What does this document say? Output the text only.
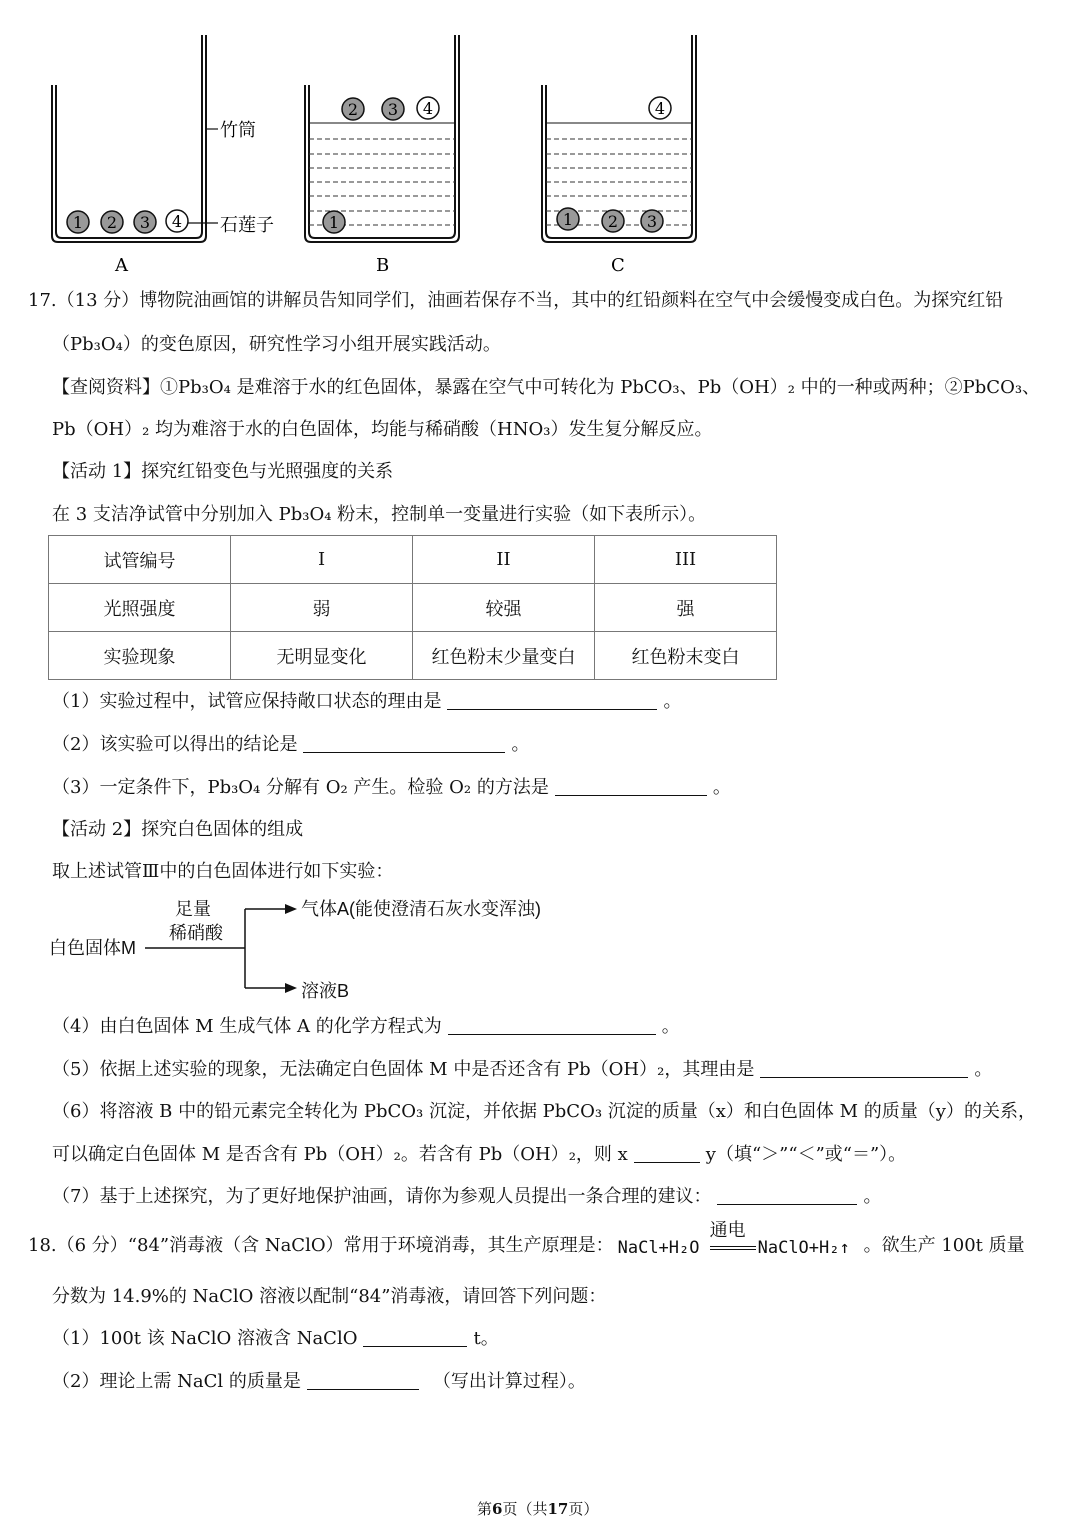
1 2 3 4
2 3 4
1
4
1 2 3
竹筒
石莲子
A	B	C
17.（13 分）博物院油画馆的讲解员告知同学们，油画若保存不当，其中的红铅颜料在空气中会缓慢变成白色。为探究红铅
（Pb₃O₄）的变色原因，研究性学习小组开展实践活动。
【查阅资料】①Pb₃O₄ 是难溶于水的红色固体，暴露在空气中可转化为 PbCO₃、Pb（OH）₂ 中的一种或两种；②PbCO₃、
Pb（OH）₂ 均为难溶于水的白色固体，均能与稀硝酸（HNO₃）发生复分解反应。
【活动 1】探究红铅变色与光照强度的关系
在 3 支洁净试管中分别加入 Pb₃O₄ 粉末，控制单一变量进行实验（如下表所示）。
试管编号	I	II	III
光照强度	弱	较强	强
实验现象	无明显变化	红色粉末少量变白	红色粉末变白
（1）实验过程中，试管应保持敞口状态的理由是	。
（2）该实验可以得出的结论是	。
（3）一定条件下，Pb₃O₄ 分解有 O₂ 产生。检验 O₂ 的方法是	。
【活动 2】探究白色固体的组成
取上述试管Ⅲ中的白色固体进行如下实验：
白色固体M
足量
稀硝酸
气体A(能使澄清石灰水变浑浊)
溶液B
（4）由白色固体 M 生成气体 A 的化学方程式为	。
（5）依据上述实验的现象，无法确定白色固体 M 中是否还含有 Pb（OH）₂，其理由是	。
（6）将溶液 B 中的铅元素完全转化为 PbCO₃ 沉淀，并依据 PbCO₃ 沉淀的质量（x）和白色固体 M 的质量（y）的关系，
可以确定白色固体 M 是否含有 Pb（OH）₂。若含有 Pb（OH）₂，则 x	y（填“＞”“＜”或“＝”）。
（7）基于上述探究，为了更好地保护油画，请你为参观人员提出一条合理的建议：	。
18.（6 分）“84”消毒液（含 NaClO）常用于环境消毒，其生产原理是： NaCl+H₂O
通电
NaClO+H₂↑ 。欲生产 100t 质量
分数为 14.9%的 NaClO 溶液以配制“84”消毒液，请回答下列问题：
（1）100t 该 NaClO 溶液含 NaClO	t。
（2）理论上需 NaCl 的质量是	（写出计算过程）。
第6页（共17页）
